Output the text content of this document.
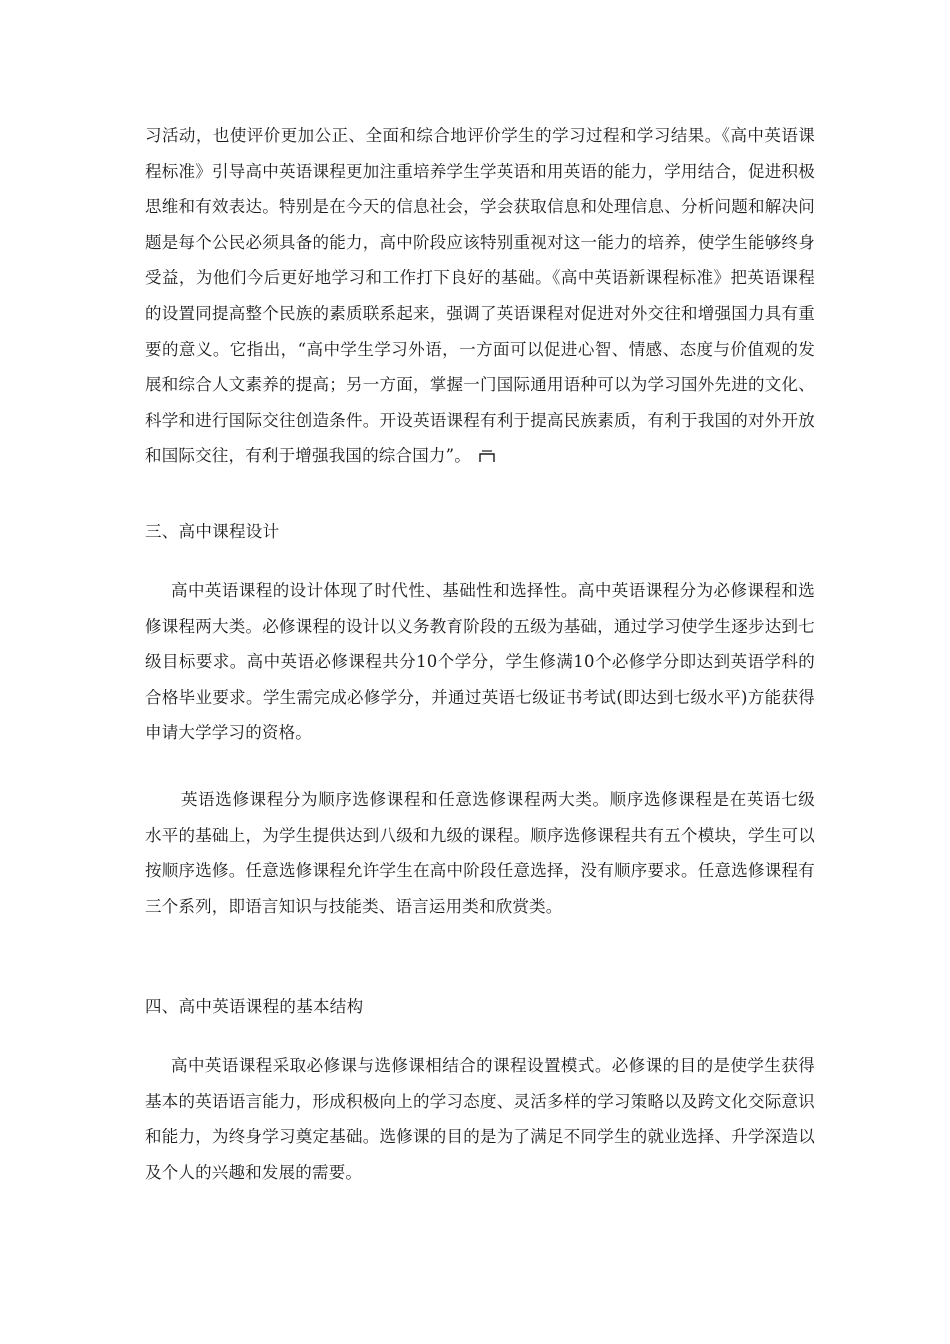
习活动，也使评价更加公正、全面和综合地评价学生的学习过程和学习结果。《高中英语课程标准》引导高中英语课程更加注重培养学生学英语和用英语的能力，学用结合，促进积极思维和有效表达。特别是在今天的信息社会，学会获取信息和处理信息、分析问题和解决问题是每个公民必须具备的能力，高中阶段应该特别重视对这一能力的培养，使学生能够终身受益，为他们今后更好地学习和工作打下良好的基础。《高中英语新课程标准》把英语课程的设置同提高整个民族的素质联系起来，强调了英语课程对促进对外交往和增强国力具有重要的意义。它指出，“高中学生学习外语，一方面可以促进心智、情感、态度与价值观的发展和综合人文素养的提高；另一方面，掌握一门国际通用语种可以为学习国外先进的文化、科学和进行国际交往创造条件。开设英语课程有利于提高民族素质，有利于我国的对外开放和国际交往，有利于增强我国的综合国力”。
三、高中课程设计
高中英语课程的设计体现了时代性、基础性和选择性。高中英语课程分为必修课程和选修课程两大类。必修课程的设计以义务教育阶段的五级为基础，通过学习使学生逐步达到七级目标要求。高中英语必修课程共分10个学分，学生修满10个必修学分即达到英语学科的合格毕业要求。学生需完成必修学分，并通过英语七级证书考试(即达到七级水平)方能获得申请大学学习的资格。
英语选修课程分为顺序选修课程和任意选修课程两大类。顺序选修课程是在英语七级水平的基础上，为学生提供达到八级和九级的课程。顺序选修课程共有五个模块，学生可以按顺序选修。任意选修课程允许学生在高中阶段任意选择，没有顺序要求。任意选修课程有三个系列，即语言知识与技能类、语言运用类和欣赏类。
四、高中英语课程的基本结构
高中英语课程采取必修课与选修课相结合的课程设置模式。必修课的目的是使学生获得基本的英语语言能力，形成积极向上的学习态度、灵活多样的学习策略以及跨文化交际意识和能力，为终身学习奠定基础。选修课的目的是为了满足不同学生的就业选择、升学深造以及个人的兴趣和发展的需要。
